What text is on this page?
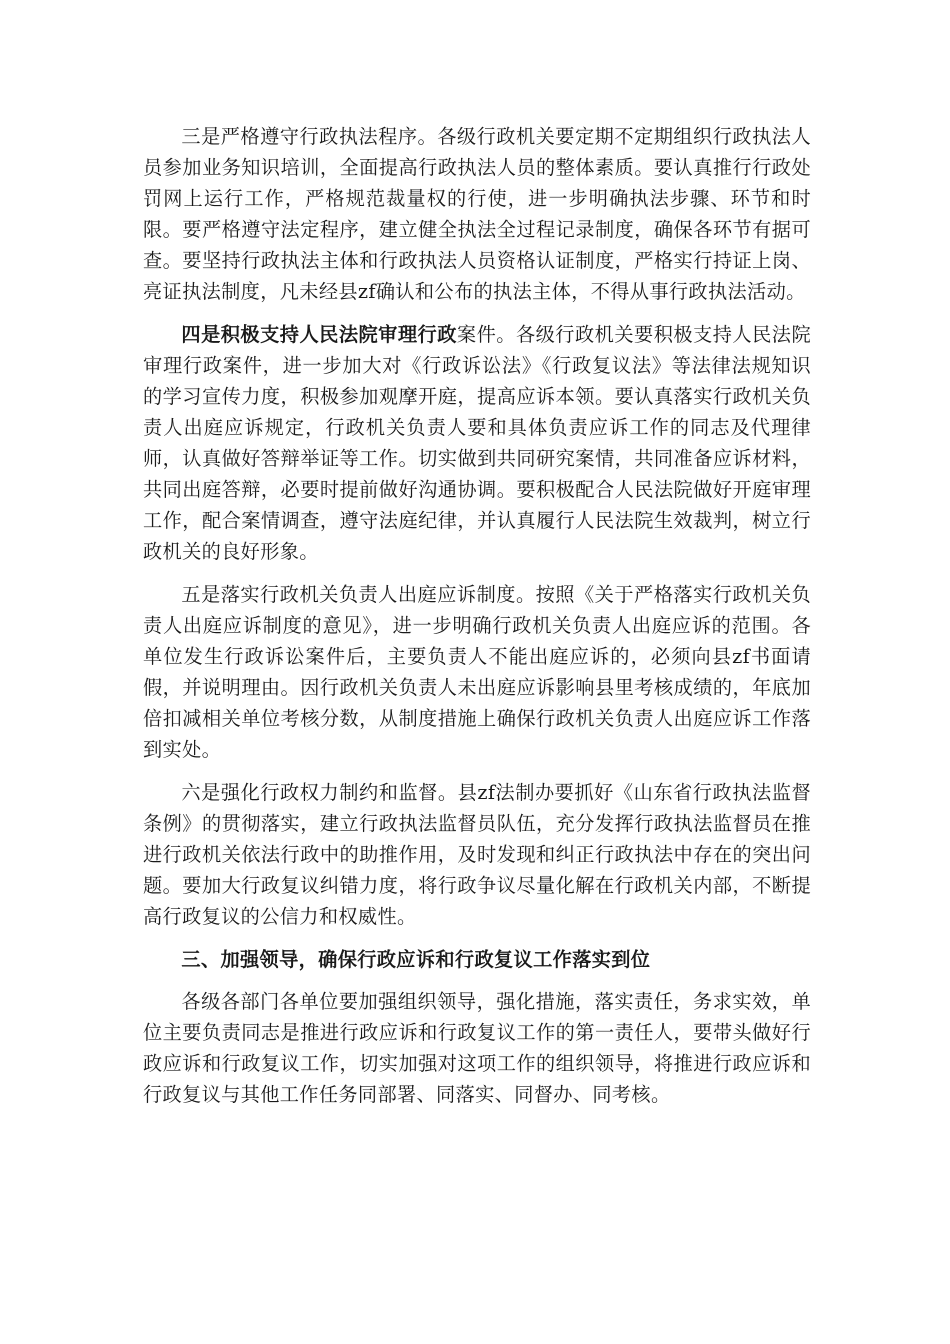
三是严格遵守行政执法程序。各级行政机关要定期不定期组织行政执法人员参加业务知识培训，全面提高行政执法人员的整体素质。要认真推行行政处罚网上运行工作，严格规范裁量权的行使，进一步明确执法步骤、环节和时限。要严格遵守法定程序，建立健全执法全过程记录制度，确保各环节有据可查。要坚持行政执法主体和行政执法人员资格认证制度，严格实行持证上岗、亮证执法制度，凡未经县zf确认和公布的执法主体，不得从事行政执法活动。

四是积极支持人民法院审理行政案件。各级行政机关要积极支持人民法院审理行政案件，进一步加大对《行政诉讼法》《行政复议法》等法律法规知识的学习宣传力度，积极参加观摩开庭，提高应诉本领。要认真落实行政机关负责人出庭应诉规定，行政机关负责人要和具体负责应诉工作的同志及代理律师，认真做好答辩举证等工作。切实做到共同研究案情，共同准备应诉材料，共同出庭答辩，必要时提前做好沟通协调。要积极配合人民法院做好开庭审理工作，配合案情调查，遵守法庭纪律，并认真履行人民法院生效裁判，树立行政机关的良好形象。

五是落实行政机关负责人出庭应诉制度。按照《关于严格落实行政机关负责人出庭应诉制度的意见》，进一步明确行政机关负责人出庭应诉的范围。各单位发生行政诉讼案件后，主要负责人不能出庭应诉的，必须向县zf书面请假，并说明理由。因行政机关负责人未出庭应诉影响县里考核成绩的，年底加倍扣减相关单位考核分数，从制度措施上确保行政机关负责人出庭应诉工作落到实处。

六是强化行政权力制约和监督。县zf法制办要抓好《山东省行政执法监督条例》的贯彻落实，建立行政执法监督员队伍，充分发挥行政执法监督员在推进行政机关依法行政中的助推作用，及时发现和纠正行政执法中存在的突出问题。要加大行政复议纠错力度，将行政争议尽量化解在行政机关内部，不断提高行政复议的公信力和权威性。

三、加强领导，确保行政应诉和行政复议工作落实到位

各级各部门各单位要加强组织领导，强化措施，落实责任，务求实效，单位主要负责同志是推进行政应诉和行政复议工作的第一责任人，要带头做好行政应诉和行政复议工作，切实加强对这项工作的组织领导，将推进行政应诉和行政复议与其他工作任务同部署、同落实、同督办、同考核。
